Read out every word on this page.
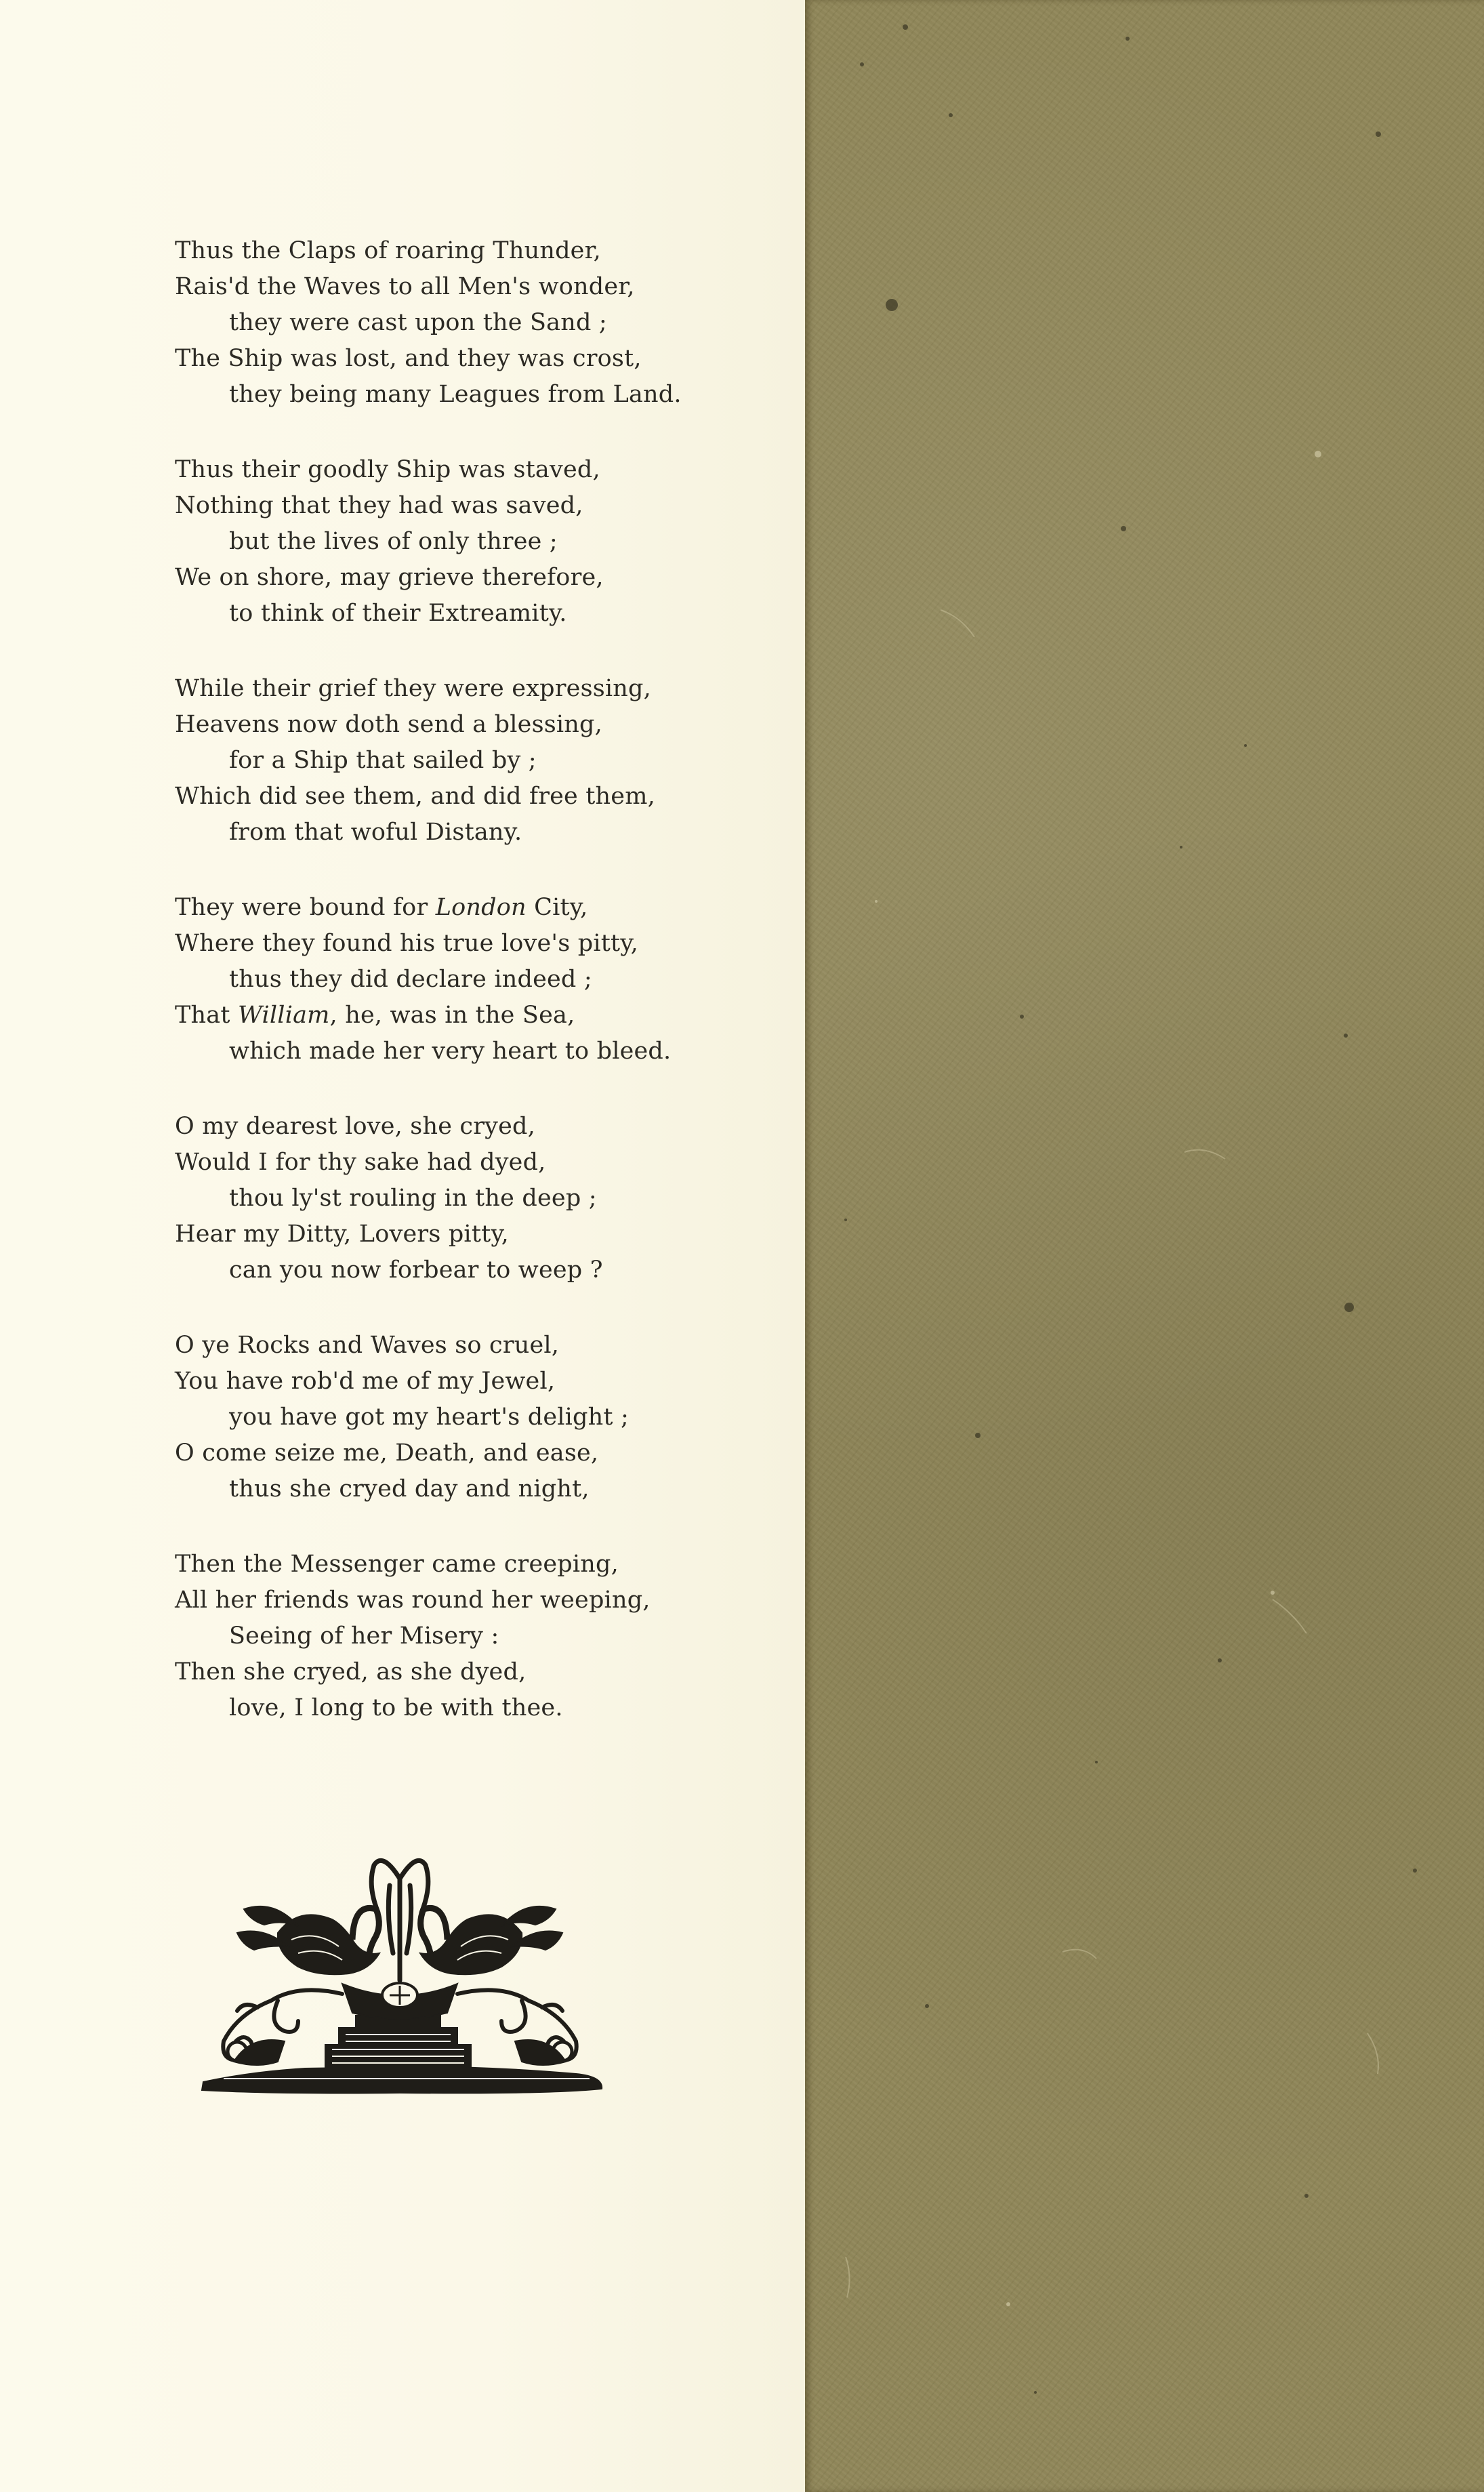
Thus the Claps of roaring Thunder,
Rais'd the Waves to all Men's wonder,
they were cast upon the Sand ;
The Ship was lost, and they was crost,
they being many Leagues from Land.
Thus their goodly Ship was staved,
Nothing that they had was saved,
but the lives of only three ;
We on shore, may grieve therefore,
to think of their Extreamity.
While their grief they were expressing,
Heavens now doth send a blessing,
for a Ship that sailed by ;
Which did see them, and did free them,
from that woful Distany.
They were bound for London City,
Where they found his true love's pitty,
thus they did declare indeed ;
That William, he, was in the Sea,
which made her very heart to bleed.
O my dearest love, she cryed,
Would I for thy sake had dyed,
thou ly'st rouling in the deep ;
Hear my Ditty, Lovers pitty,
can you now forbear to weep ?
O ye Rocks and Waves so cruel,
You have rob'd me of my Jewel,
you have got my heart's delight ;
O come seize me, Death, and ease,
thus she cryed day and night,
Then the Messenger came creeping,
All her friends was round her weeping,
Seeing of her Misery :
Then she cryed, as she dyed,
love, I long to be with thee.
